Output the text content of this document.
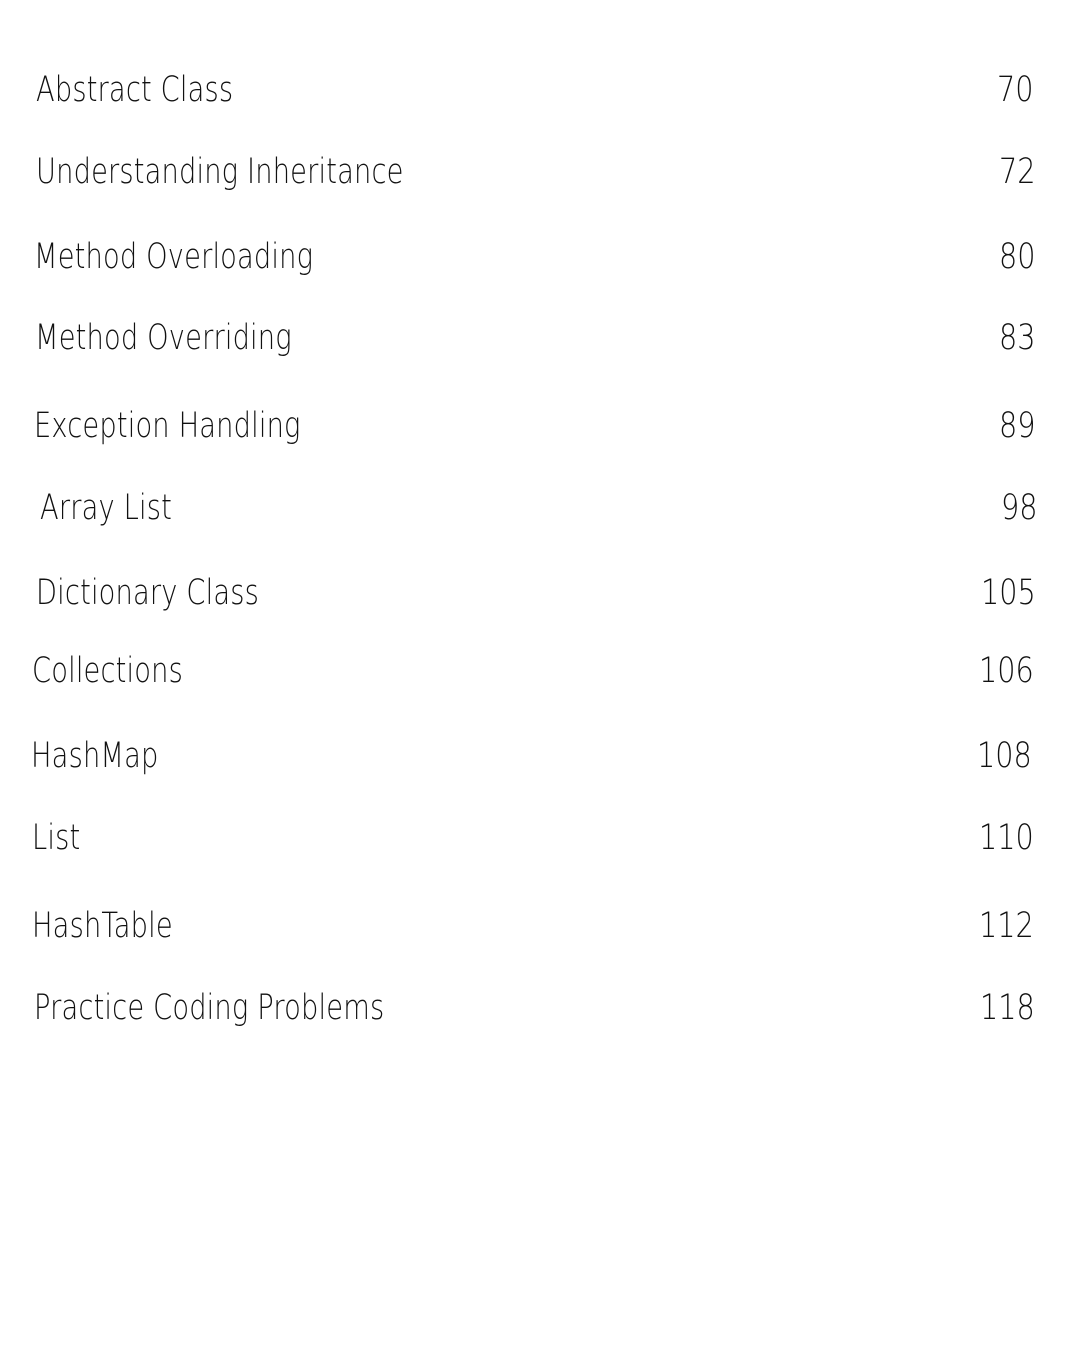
Abstract Class	70
Understanding Inheritance	72
Method Overloading	80
Method Overriding	83
Exception Handling	89
Array List	98
Dictionary Class	105
Collections	106
HashMap	108
List	110
HashTable	112
Practice Coding Problems	118
